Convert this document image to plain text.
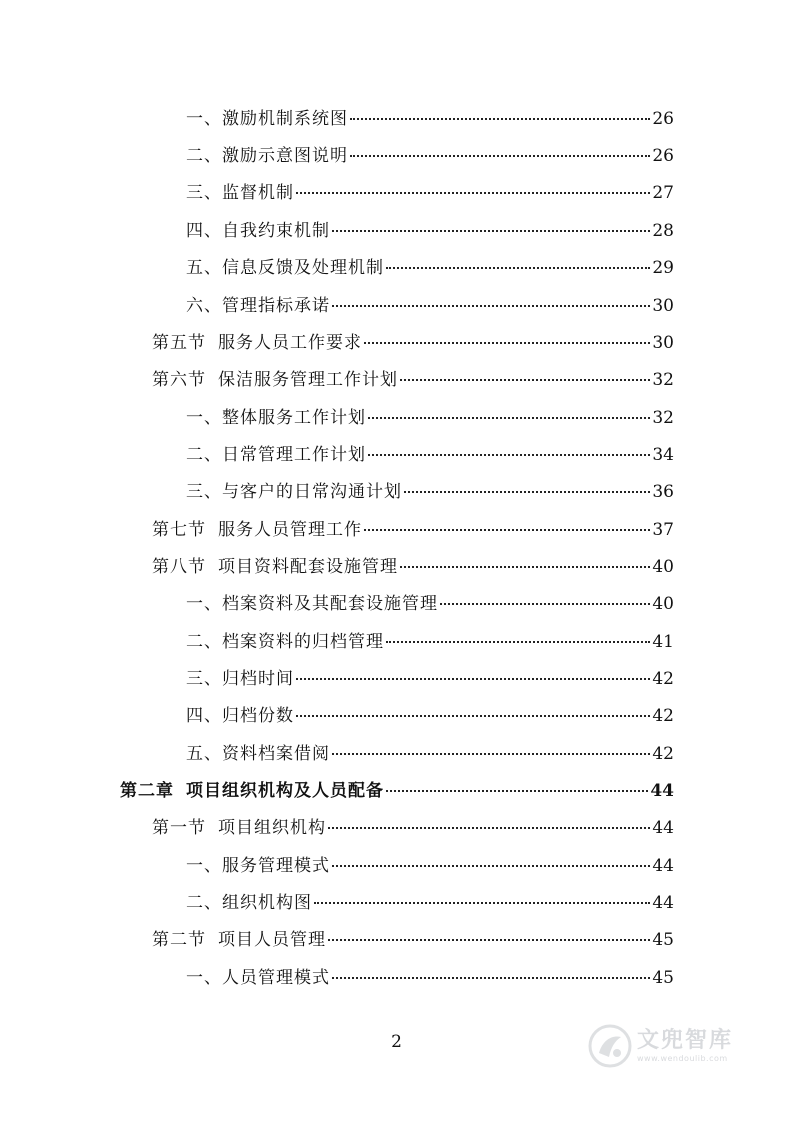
一、 激励机制系统图	26
二、 激励示意图说明	26
三、 监督机制	27
四、 自我约束机制	28
五、 信息反馈及处理机制	29
六、 管理指标承诺	30
第五节 服务人员工作要求	30
第六节 保洁服务管理工作计划	32
一、 整体服务工作计划	32
二、 日常管理工作计划	34
三、 与客户的日常沟通计划	36
第七节 服务人员管理工作	37
第八节 项目资料配套设施管理	40
一、 档案资料及其配套设施管理	40
二、 档案资料的归档管理	41
三、 归档时间	42
四、 归档份数	42
五、 资料档案借阅	42
第二章 项目组织机构及人员配备	44
第一节 项目组织机构	44
一、 服务管理模式	44
二、 组织机构图	44
第二节 项目人员管理	45
一、 人员管理模式	45
2	文兜智库
www.wendoulib.com
